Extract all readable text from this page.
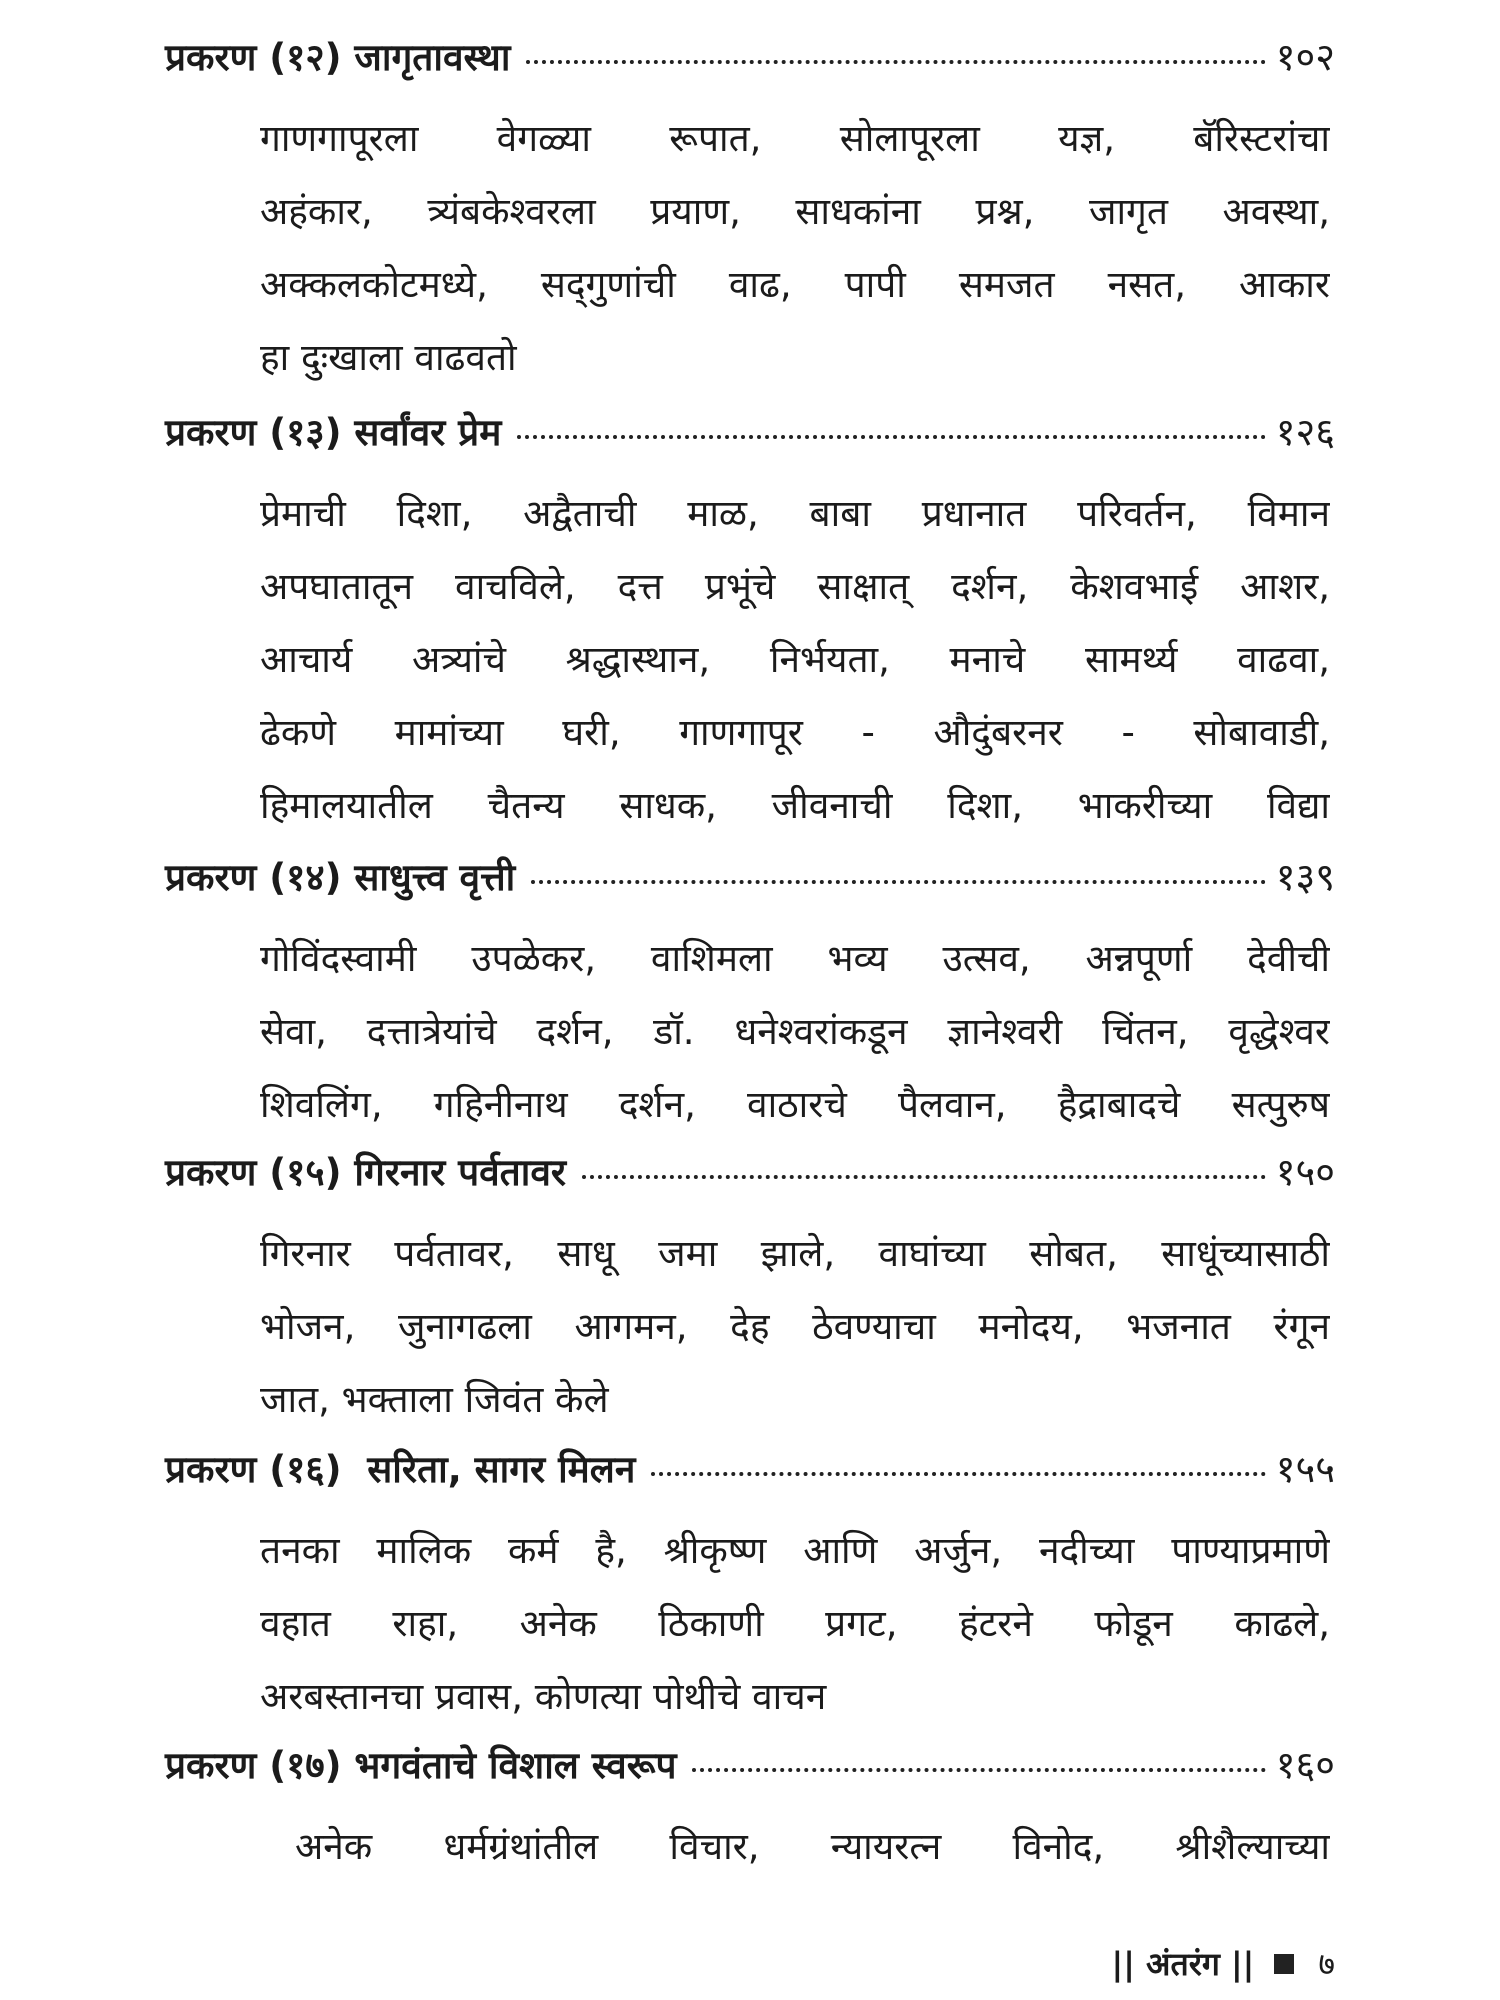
प्रकरण (१२) जागृतावस्था	१०२
गाणगापूरला वेगळ्या रूपात, सोलापूरला यज्ञ, बॅरिस्टरांचा
अहंकार, त्र्यंबकेश्वरला प्रयाण, साधकांना प्रश्न, जागृत अवस्था,
अक्कलकोटमध्ये, सद्‌गुणांची वाढ, पापी समजत नसत, आकार
हा दुःखाला वाढवतो
प्रकरण (१३) सर्वांवर प्रेम	१२६
प्रेमाची दिशा, अद्वैताची माळ, बाबा प्रधानात परिवर्तन, विमान
अपघातातून वाचविले, दत्त प्रभूंचे साक्षात्‌ दर्शन, केशवभाई आशर,
आचार्य अत्र्यांचे श्रद्धास्थान, निर्भयता, मनाचे सामर्थ्य वाढवा,
ढेकणे मामांच्या घरी, गाणगापूर - औदुंबरनर - सोबावाडी,
हिमालयातील चैतन्य साधक, जीवनाची दिशा, भाकरीच्या विद्या
प्रकरण (१४) साधुत्त्व वृत्ती	१३९
गोविंदस्वामी उपळेकर, वाशिमला भव्य उत्सव, अन्नपूर्णा देवीची
सेवा, दत्तात्रेयांचे दर्शन, डॉ. धनेश्वरांकडून ज्ञानेश्वरी चिंतन, वृद्धेश्वर
शिवलिंग, गहिनीनाथ दर्शन, वाठारचे पैलवान, हैद्राबादचे सत्पुरुष
प्रकरण (१५) गिरनार पर्वतावर	१५०
गिरनार पर्वतावर, साधू जमा झाले, वाघांच्या सोबत, साधूंच्यासाठी
भोजन, जुनागढला आगमन, देह ठेवण्याचा मनोदय, भजनात रंगून
जात, भक्ताला जिवंत केले
प्रकरण (१६)  सरिता, सागर मिलन	१५५
तनका मालिक कर्म है, श्रीकृष्ण आणि अर्जुन, नदीच्या पाण्याप्रमाणे
वहात राहा, अनेक ठिकाणी प्रगट, हंटरने फोडून काढले,
अरबस्तानचा प्रवास, कोणत्या पोथीचे वाचन
प्रकरण (१७) भगवंताचे विशाल स्वरूप	१६०
अनेक धर्मग्रंथांतील विचार, न्यायरत्न विनोद, श्रीशैल्याच्या
|| अंतरंग || ७
